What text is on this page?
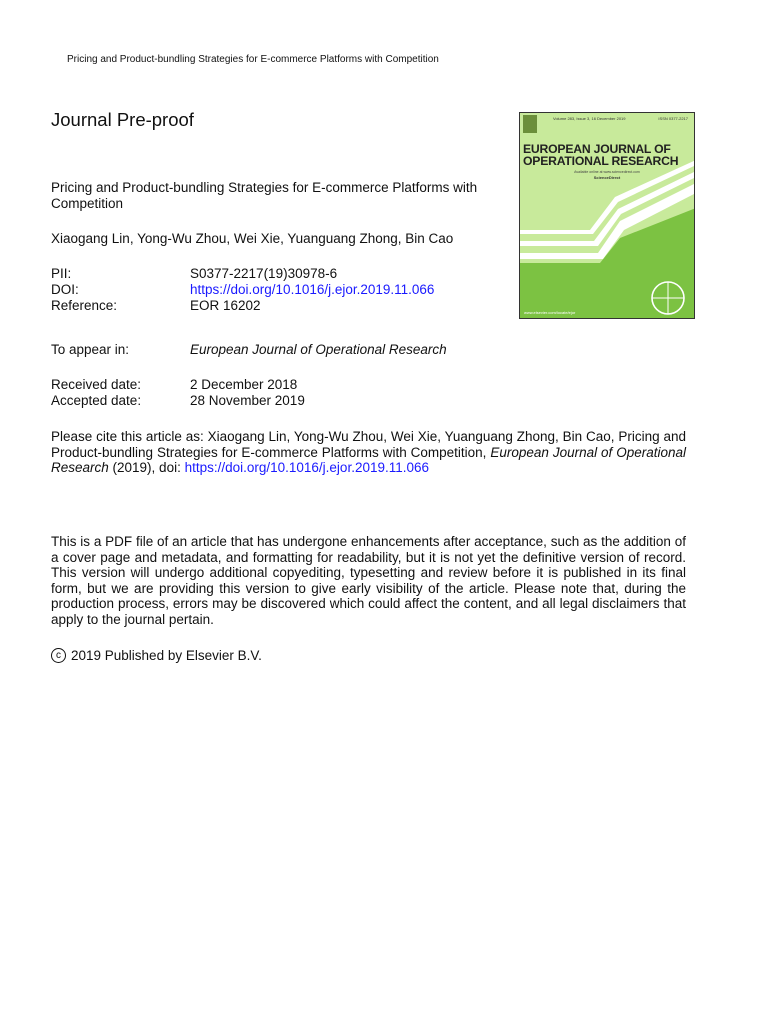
Pricing and Product-bundling Strategies for E-commerce Platforms with Competition
Journal Pre-proof	Volume 283, Issue 3, 16 December 2019	ISSN 0377-2217
EUROPEAN JOURNAL OF
OPERATIONAL RESEARCH
Available online at www.sciencedirect.com
ScienceDirect
www.elsevier.com/locate/ejor
Pricing and Product-bundling Strategies for E-commerce Platforms with Competition
Xiaogang Lin, Yong-Wu Zhou, Wei Xie, Yuanguang Zhong, Bin Cao
PII:	S0377-2217(19)30978-6
DOI:	https://doi.org/10.1016/j.ejor.2019.11.066
Reference:	EOR 16202
To appear in:	European Journal of Operational Research
Received date:	2 December 2018
Accepted date:	28 November 2019
Please cite this article as: Xiaogang Lin, Yong-Wu Zhou, Wei Xie, Yuanguang Zhong, Bin Cao, Pricing and Product-bundling Strategies for E-commerce Platforms with Competition, European Journal of Operational Research (2019), doi: https://doi.org/10.1016/j.ejor.2019.11.066
This is a PDF file of an article that has undergone enhancements after acceptance, such as the addition of a cover page and metadata, and formatting for readability, but it is not yet the definitive version of record. This version will undergo additional copyediting, typesetting and review before it is published in its final form, but we are providing this version to give early visibility of the article. Please note that, during the production process, errors may be discovered which could affect the content, and all legal disclaimers that apply to the journal pertain.
c 2019 Published by Elsevier B.V.
